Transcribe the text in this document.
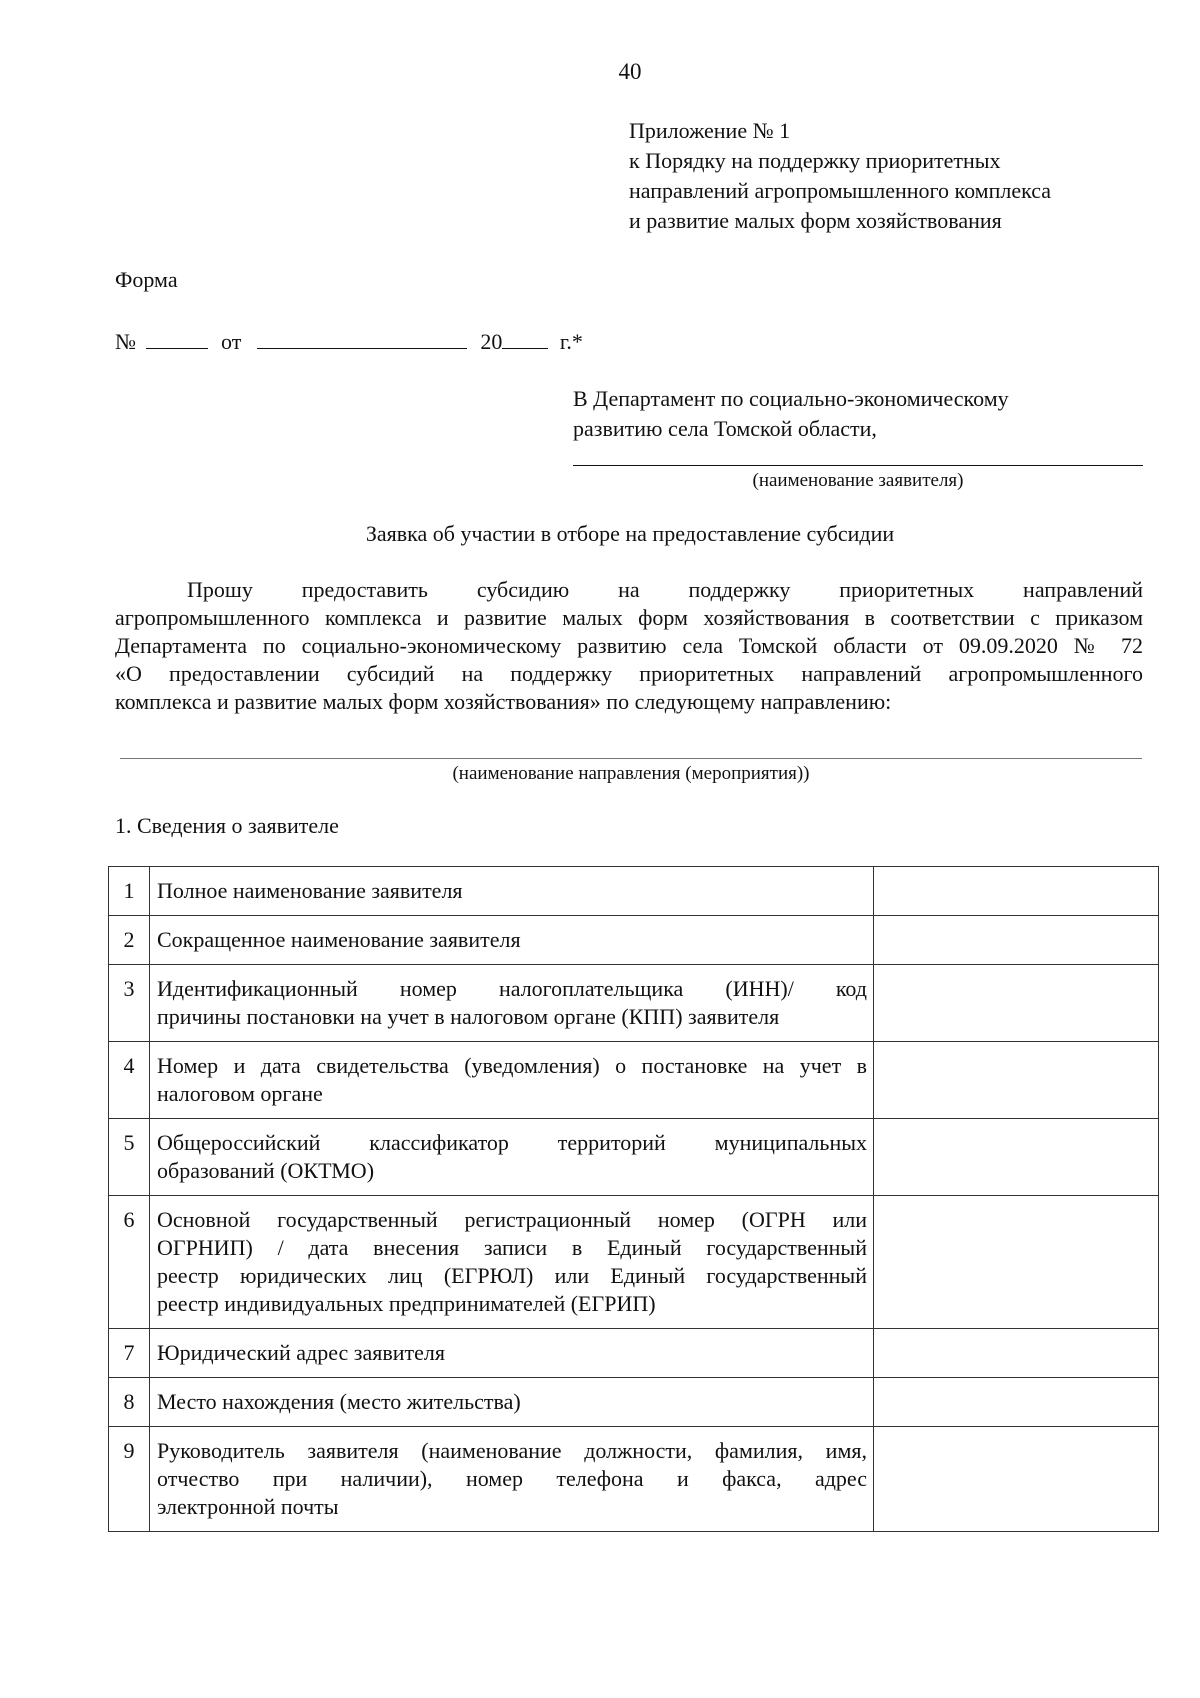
40
Приложение № 1
к Порядку на поддержку приоритетных
направлений агропромышленного комплекса
и развитие малых форм хозяйствования
Форма
№	от	20	г.*
В Департамент по социально-экономическому
развитию села Томской области,
(наименование заявителя)
Заявка об участии в отборе на предоставление субсидии
Прошу предоставить субсидию на поддержку приоритетных направлений
агропромышленного комплекса и развитие малых форм хозяйствования в соответствии с приказом
Департамента по социально-экономическому развитию села Томской области от 09.09.2020 № 72
«О предоставлении субсидий на поддержку приоритетных направлений агропромышленного
комплекса и развитие малых форм хозяйствования» по следующему направлению:
(наименование направления (мероприятия))
1. Сведения о заявителе
1	Полное наименование заявителя	

2	Сокращенное наименование заявителя	

3	Идентификационный номер налогоплательщика (ИНН)/ код
причины постановки на учет в налоговом органе (КПП) заявителя	

4	Номер и дата свидетельства (уведомления) о постановке на учет в
налоговом органе	

5	Общероссийский классификатор территорий муниципальных
образований (ОКТМО)	

6	Основной государственный регистрационный номер (ОГРН или
ОГРНИП) / дата внесения записи в Единый государственный
реестр юридических лиц (ЕГРЮЛ) или Единый государственный
реестр индивидуальных предпринимателей (ЕГРИП)	

7	Юридический адрес заявителя	

8	Место нахождения (место жительства)	

9	Руководитель заявителя (наименование должности, фамилия, имя,
отчество при наличии), номер телефона и факса, адрес
электронной почты	
